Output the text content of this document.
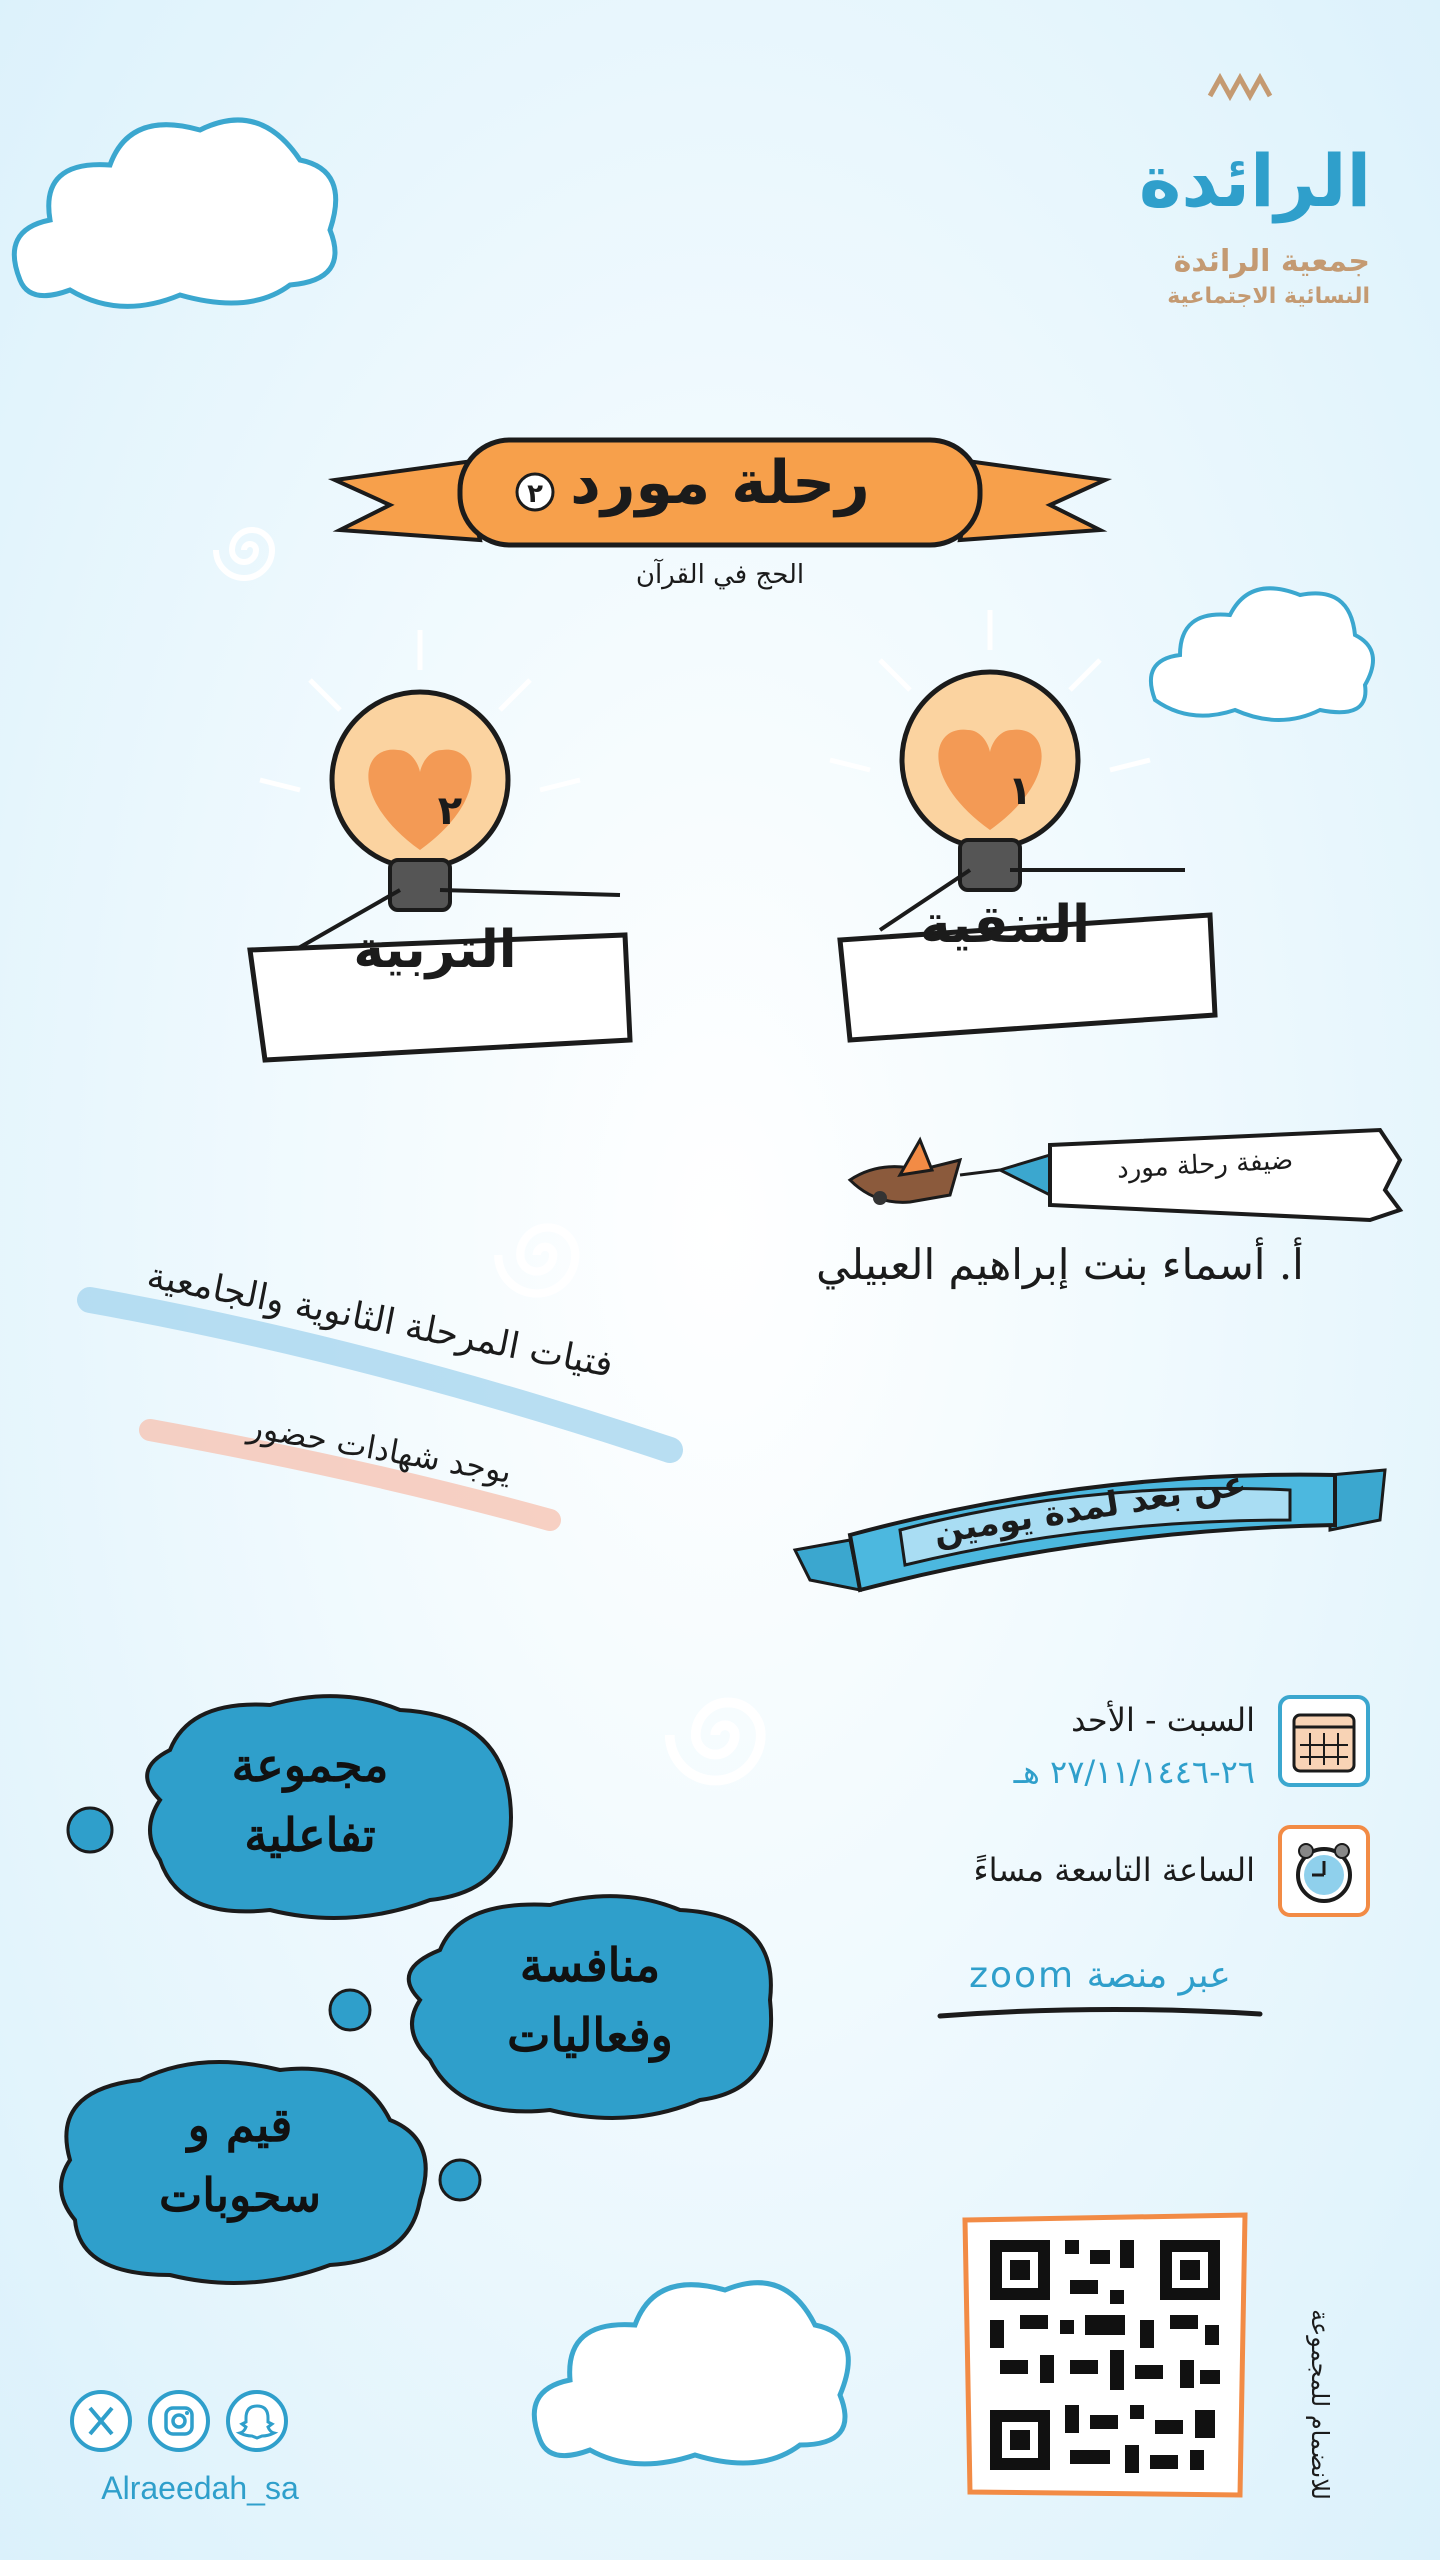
الرائدة
جمعية الرائدة
النسائية الاجتماعية
٢ رحلة مورد
الحج في القرآن
١
التنقية
٢
التربية
ضيفة رحلة مورد
أ. أسماء بنت إبراهيم العبيلي
فتيات المرحلة الثانوية والجامعية
يوجد شهادات حضور
عن بعد لمدة يومين
السبت - الأحد
٢٦-٢٧/١١/١٤٤٦ هـ
الساعة التاسعة مساءً
عبر منصة zoom
مجموعة
تفاعلية
منافسة
وفعاليات
قيم و
سحوبات
للانضمام للمجموعة
Alraeedah_sa
